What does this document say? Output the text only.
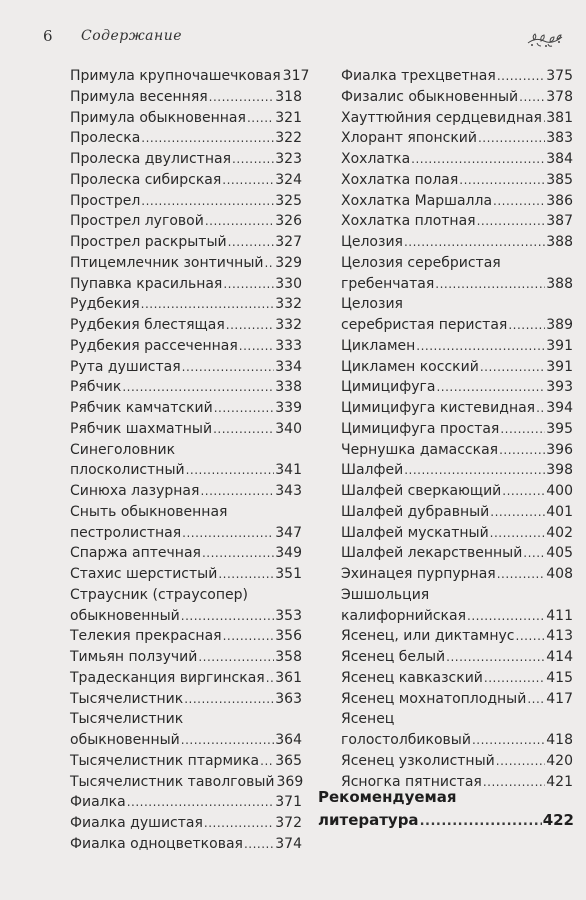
6 Содержание
Примула крупночашечковая 317
Примула весенняя .....	318
Примула обыкновенная ..... 321
Пролеска .....	322
Пролеска двулистная .....	323
Пролеска сибирская .....	324
Прострел .....	325
Прострел луговой .....	326
Прострел раскрытый .....	327
Птицемлечник зонтичный ..... 329
Пупавка красильная .....	330
Рудбекия .....	332
Рудбекия блестящая .....	332
Рудбекия рассеченная .....	333
Рута душистая .....	334
Рябчик .....	338
Рябчик камчатский .....	339
Рябчик шахматный .....	340
Синеголовник
плосколистный .....	341
Синюха лазурная .....	343
Сныть обыкновенная
пестролистная .....	347
Спаржа аптечная .....	349
Стахис шерстистый .....	351
Страусник (страусопер)
обыкновенный .....	353
Телекия прекрасная .....	356
Тимьян ползучий .....	358
Традесканция виргинская ..... 361
Тысячелистник .....	363
Тысячелистник
обыкновенный .....	364
Тысячелистник птармика ..... 365
Тысячелистник таволговый 369
Фиалка .....	371
Фиалка душистая .....	372
Фиалка одноцветковая ..... 374
Фиалка трехцветная .....	375
Физалис обыкновенный ..... 378
Хауттюйния сердцевидная ..... 381
Хлорант японский .....	383
Хохлатка .....	384
Хохлатка полая .....	385
Хохлатка Маршалла .....	386
Хохлатка плотная .....	387
Целозия .....	388
Целозия серебристая
гребенчатая .....	388
Целозия
серебристая перистая .....	389
Цикламен .....	391
Цикламен косский .....	391
Цимицифуга .....	393
Цимицифуга кистевидная ..... 394
Цимицифуга простая .....	395
Чернушка дамасская .....	396
Шалфей .....	398
Шалфей сверкающий .....	400
Шалфей дубравный .....	401
Шалфей мускатный .....	402
Шалфей лекарственный ..... 405
Эхинацея пурпурная .....	408
Эшшольция
калифорнийская .....	411
Ясенец, или диктамнус ..... 413
Ясенец белый .....	414
Ясенец кавказский .....	415
Ясенец мохнатоплодный ..... 417
Ясенец
голостолбиковый .....	418
Ясенец узколистный .....	420
Ясногка пятнистая .....	421
Рекомендуемая
литература .....	422
